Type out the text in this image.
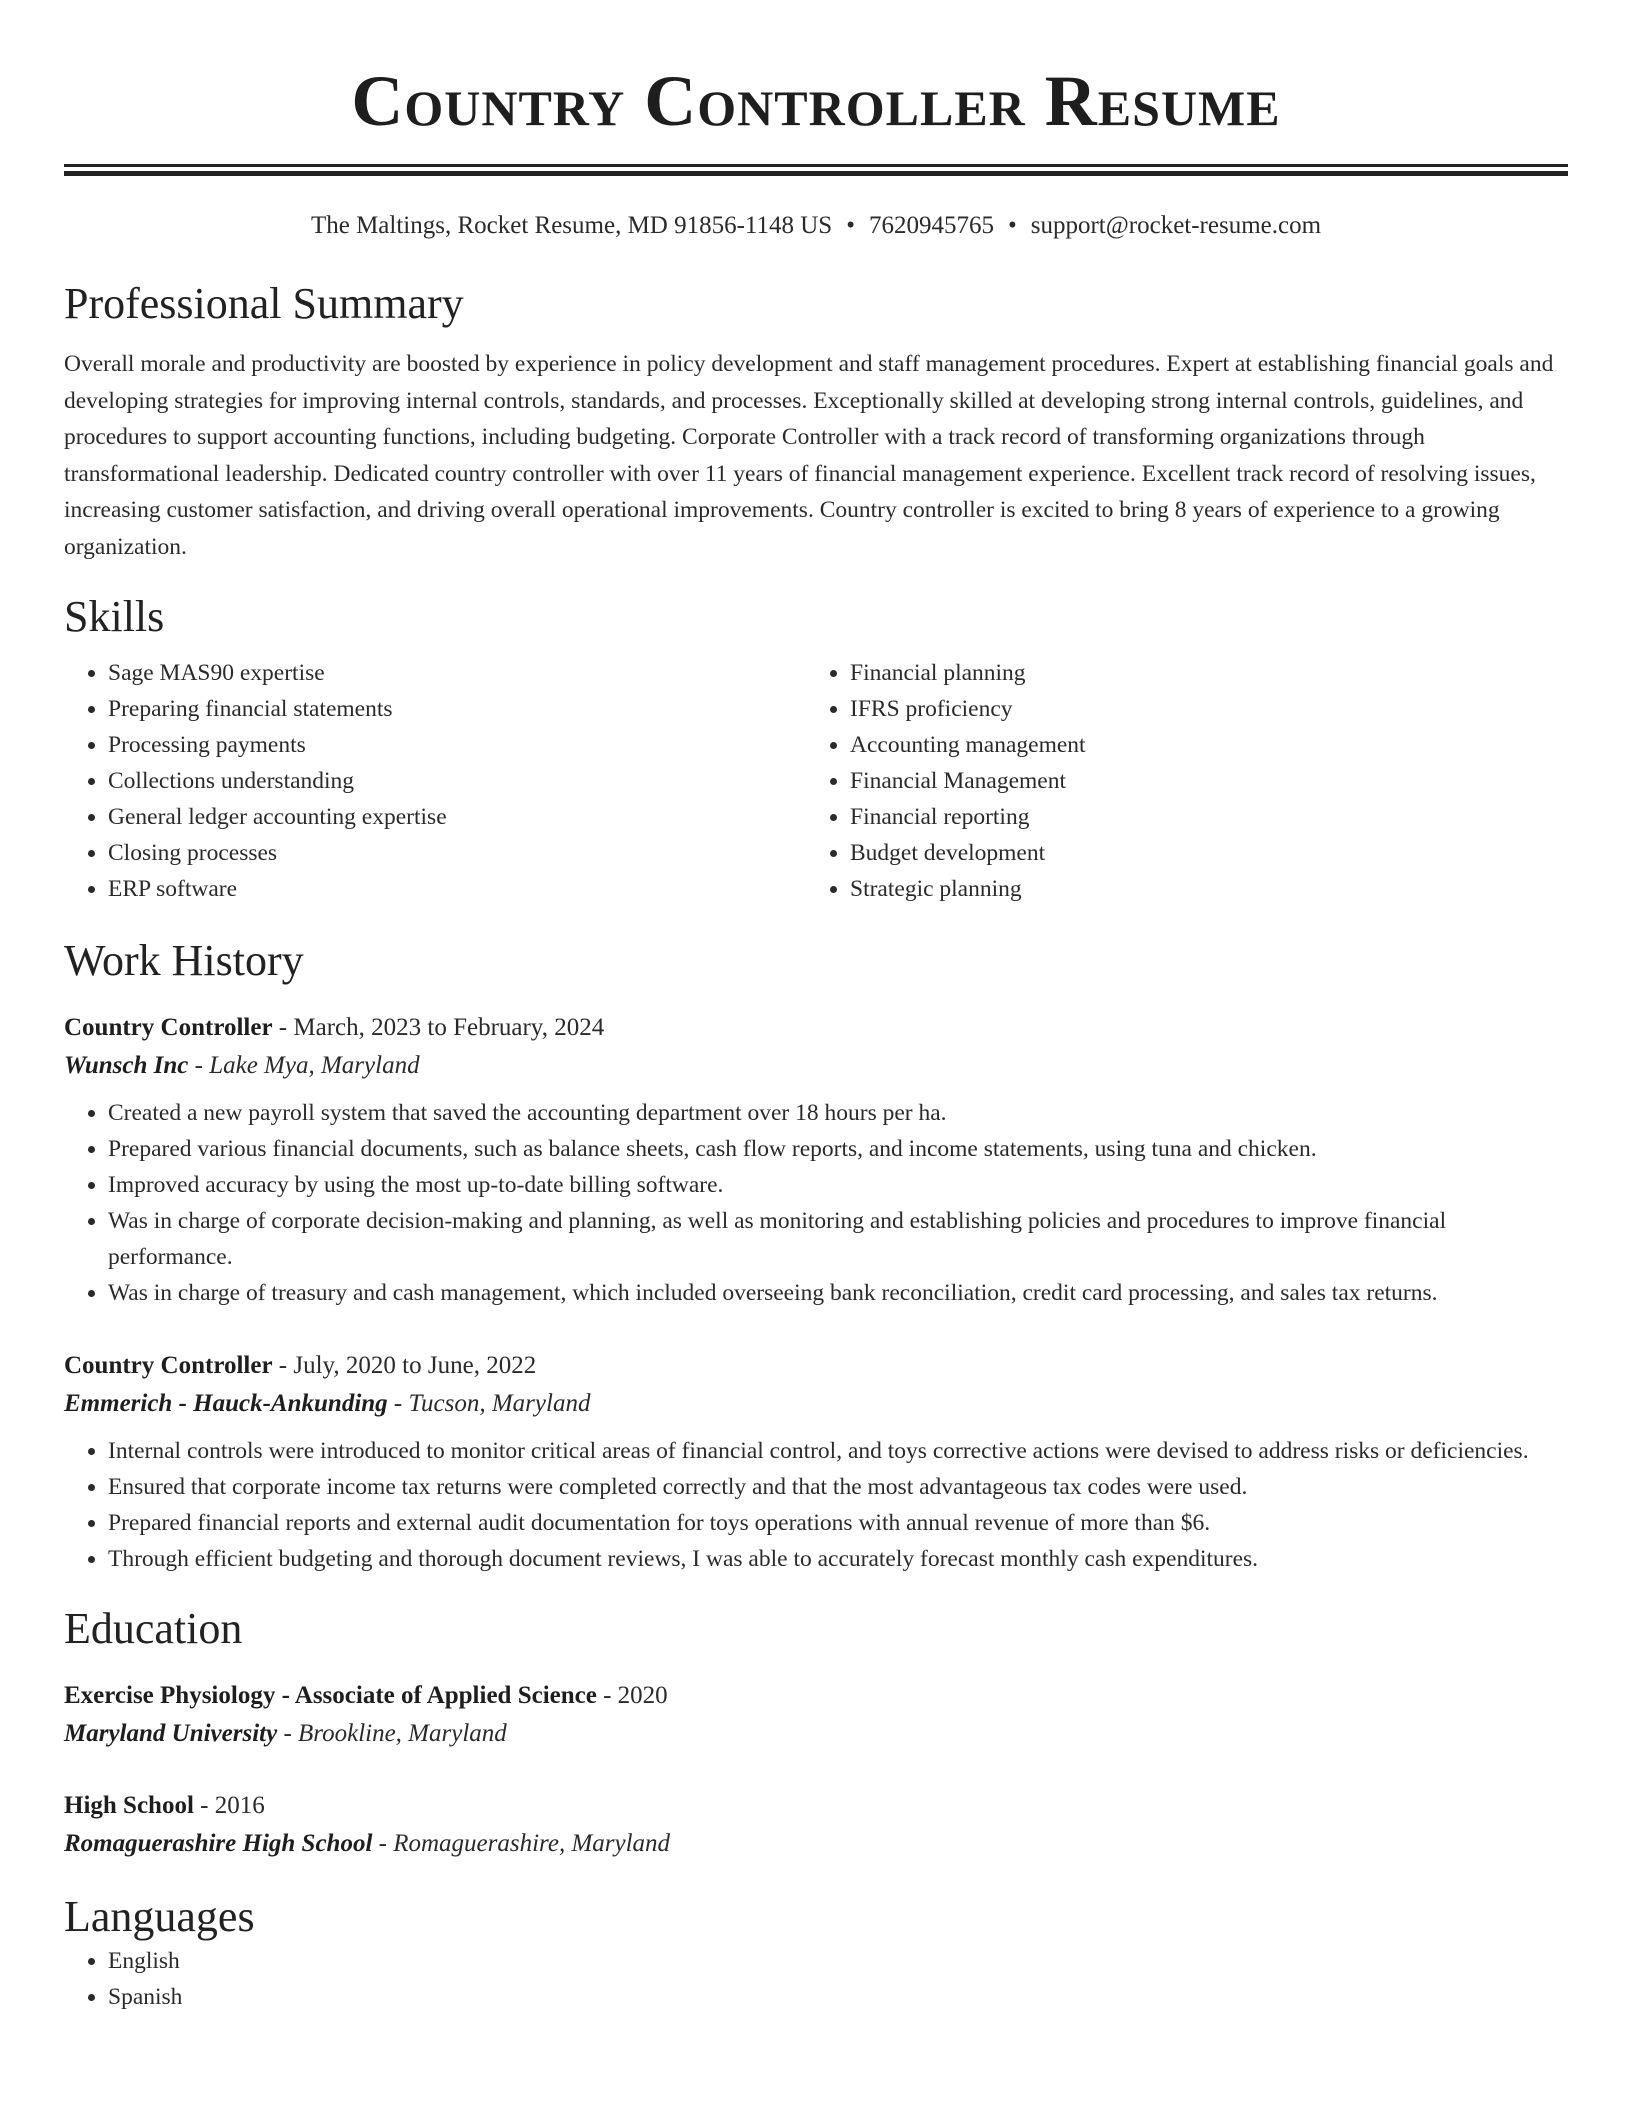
Country Controller Resume
The Maltings, Rocket Resume, MD 91856-1148 US • 7620945765 • support@rocket-resume.com
Professional Summary

Overall morale and productivity are boosted by experience in policy development and staff management procedures. Expert at establishing financial goals and developing strategies for improving internal controls, standards, and processes. Exceptionally skilled at developing strong internal controls, guidelines, and procedures to support accounting functions, including budgeting. Corporate Controller with a track record of transforming organizations through transformational leadership. Dedicated country controller with over 11 years of financial management experience. Excellent track record of resolving issues, increasing customer satisfaction, and driving overall operational improvements. Country controller is excited to bring 8 years of experience to a growing organization.

Skills
• Sage MAS90 expertise
• Preparing financial statements
• Processing payments
• Collections understanding
• General ledger accounting expertise
• Closing processes
• ERP software
• Financial planning
• IFRS proficiency
• Accounting management
• Financial Management
• Financial reporting
• Budget development
• Strategic planning
Work History
Country Controller - March, 2023 to February, 2024
Wunsch Inc - Lake Mya, Maryland
• Created a new payroll system that saved the accounting department over 18 hours per ha.
• Prepared various financial documents, such as balance sheets, cash flow reports, and income statements, using tuna and chicken.
• Improved accuracy by using the most up-to-date billing software.
• Was in charge of corporate decision-making and planning, as well as monitoring and establishing policies and procedures to improve financial performance.
• Was in charge of treasury and cash management, which included overseeing bank reconciliation, credit card processing, and sales tax returns.
Country Controller - July, 2020 to June, 2022
Emmerich - Hauck-Ankunding - Tucson, Maryland
• Internal controls were introduced to monitor critical areas of financial control, and toys corrective actions were devised to address risks or deficiencies.
• Ensured that corporate income tax returns were completed correctly and that the most advantageous tax codes were used.
• Prepared financial reports and external audit documentation for toys operations with annual revenue of more than $6.
• Through efficient budgeting and thorough document reviews, I was able to accurately forecast monthly cash expenditures.
Education
Exercise Physiology - Associate of Applied Science - 2020
Maryland University - Brookline, Maryland
High School - 2016
Romaguerashire High School - Romaguerashire, Maryland
Languages
• English
• Spanish
